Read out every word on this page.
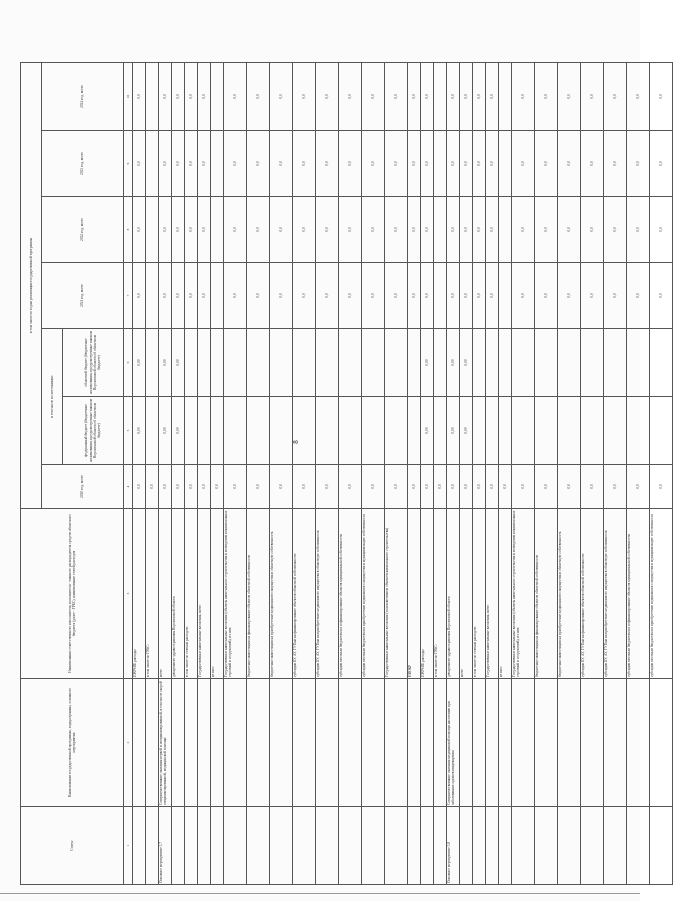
8
Статус	Наименование государственной программы, подпрограммы, основного мероприятия	Наименование ответственного исполнителя, исполнителя - главного распорядителя средств областного бюджета (далее - ГРБС), наименование статей расходов	в том числе по годам реализации государственной программы						
			2020 год, всего	в том числе по источникам:		2021 год, всего	2022 год, всего	2023 год, всего	2024 год, всего
				федеральный бюджет (бюджетные ассигнования, предусмотренные законом Воронежской области об областном бюджете)	областной бюджет (бюджетные ассигнования, предусмотренные законом Воронежской области об областном бюджете)				
1	2	3	4	5	6	7	8	9	10
		ПРОЧИЕ расходы	0,0	0,00	0,00	0,0	0,0	0,0	0,0
		в том числе по ГРБС:	0,0						
Основное мероприятие 3.7	Совершенствование оказания первой и специализированной, в том числе скорой специализированной, медицинской помощи	всего	0,0	0,00	0,00	0,0	0,0	0,0	0,0
		департамент здравоохранения Воронежской области	0,0	0,00	0,00	0,0	0,0	0,0	0,0
		в том числе по статьям расходов:	0,0			0,0	0,0	0,0	0,0
		Государственные капитальные вложения, всего	0,0			0,0	0,0	0,0	0,0
		из них:	0,0						
		Государственные капитальные вложения (объекты капитального строительства и возведения некапитальных строений и сооружений), из них:	0,0			0,0	0,0	0,0	0,0
		бюджетные инвестиции на финансирование объектов областной собственности	0,0			0,0	0,0	0,0	0,0
		бюджетные инвестиции на приобретение недвижимого имущества в областную собственность	0,0			0,0	0,0	0,0	0,0
		субсидии БУ, АУ, ГУПам на финансирование объектов областной собственности	0,0			0,0	0,0	0,0	0,0
		субсидии БУ, АУ, ГУПам на приобретение недвижимого имущества в областную собственность	0,0			0,0	0,0	0,0	0,0
		субсидии местным бюджетам на софинансирование объектов муниципальной собственности	0,0			0,0	0,0	0,0	0,0
		субсидии местным бюджетам на приобретение недвижимого имущества в муниципальную собственность	0,0			0,0	0,0	0,0	0,0
		Государственные капитальные вложения (за исключением объектов капитального строительства)	0,0			0,0	0,0	0,0	0,0
		НИОКР	0,0			0,0	0,0	0,0	0,0
		ПРОЧИЕ расходы	0,0	0,00	0,00	0,0	0,0	0,0	0,0
		в том числе по ГРБС:	0,0						
Основное мероприятие 3.8	Совершенствование оказания медицинской помощи населению при заболеваниях органов пищеварения	департамент здравоохранения Воронежской области	0,0	0,00	0,00	0,0	0,0	0,0	0,0
		всего	0,0	0,00	0,00	0,0	0,0	0,0	0,0
		в том числе по статьям расходов:	0,0			0,0	0,0	0,0	0,0
		Государственные капитальные вложения, всего	0,0			0,0	0,0	0,0	0,0
		из них:	0,0						
		Государственные капитальные вложения (объекты капитального строительства и возведения некапитальных строений и сооружений), из них:	0,0			0,0	0,0	0,0	0,0
		бюджетные инвестиции на финансирование объектов областной собственности	0,0			0,0	0,0	0,0	0,0
		бюджетные инвестиции на приобретение недвижимого имущества в областную собственность	0,0			0,0	0,0	0,0	0,0
		субсидии БУ, АУ, ГУПам на финансирование объектов областной собственности	0,0			0,0	0,0	0,0	0,0
		субсидии БУ, АУ, ГУПам на приобретение недвижимого имущества в областную собственность	0,0			0,0	0,0	0,0	0,0
		субсидии местным бюджетам на софинансирование объектов муниципальной собственности	0,0			0,0	0,0	0,0	0,0
		субсидии местным бюджетам на приобретение недвижимого имущества в муниципальную собственность	0,0			0,0	0,0	0,0	0,0
